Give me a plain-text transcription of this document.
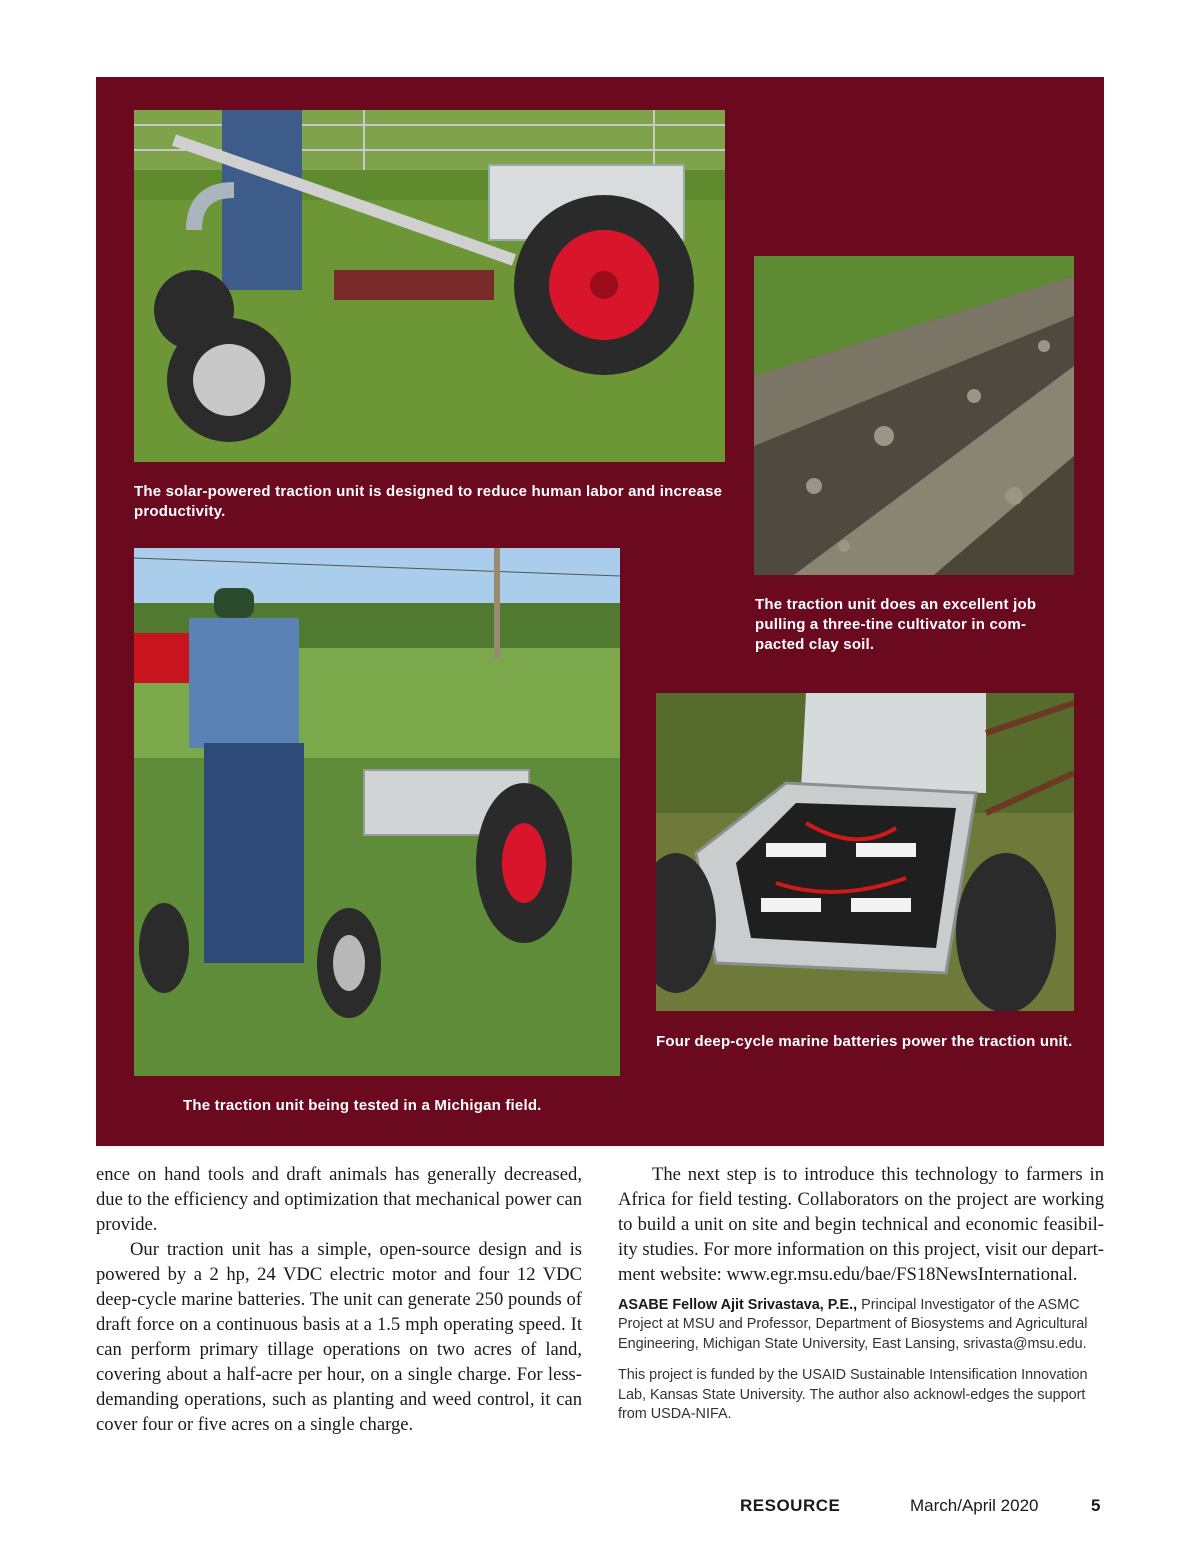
The solar-powered traction unit is designed to reduce human labor and increase productivity.
The traction unit does an excellent job pulling a three-tine cultivator in com-pacted clay soil.
The traction unit being tested in a Michigan field.
Four deep-cycle marine batteries power the traction unit.

ence on hand tools and draft animals has generally decreased, due to the efficiency and optimization that mechanical power can provide.

Our traction unit has a simple, open-source design and is powered by a 2 hp, 24 VDC electric motor and four 12 VDC deep-cycle marine batteries. The unit can generate 250 pounds of draft force on a continuous basis at a 1.5 mph operating speed. It can perform primary tillage operations on two acres of land, covering about a half-acre per hour, on a single charge. For less-demanding operations, such as planting and weed control, it can cover four or five acres on a single charge.

The next step is to introduce this technology to farmers in Africa for field testing. Collaborators on the project are working to build a unit on site and begin technical and economic feasibil-ity studies. For more information on this project, visit our depart-ment website: www.egr.msu.edu/bae/FS18NewsInternational.

ASABE Fellow Ajit Srivastava, P.E., Principal Investigator of the ASMC Project at MSU and Professor, Department of Biosystems and Agricultural Engineering, Michigan State University, East Lansing, srivasta@msu.edu.

This project is funded by the USAID Sustainable Intensification Innovation Lab, Kansas State University. The author also acknowl-edges the support from USDA-NIFA.

RESOURCE	March/April 2020	5
